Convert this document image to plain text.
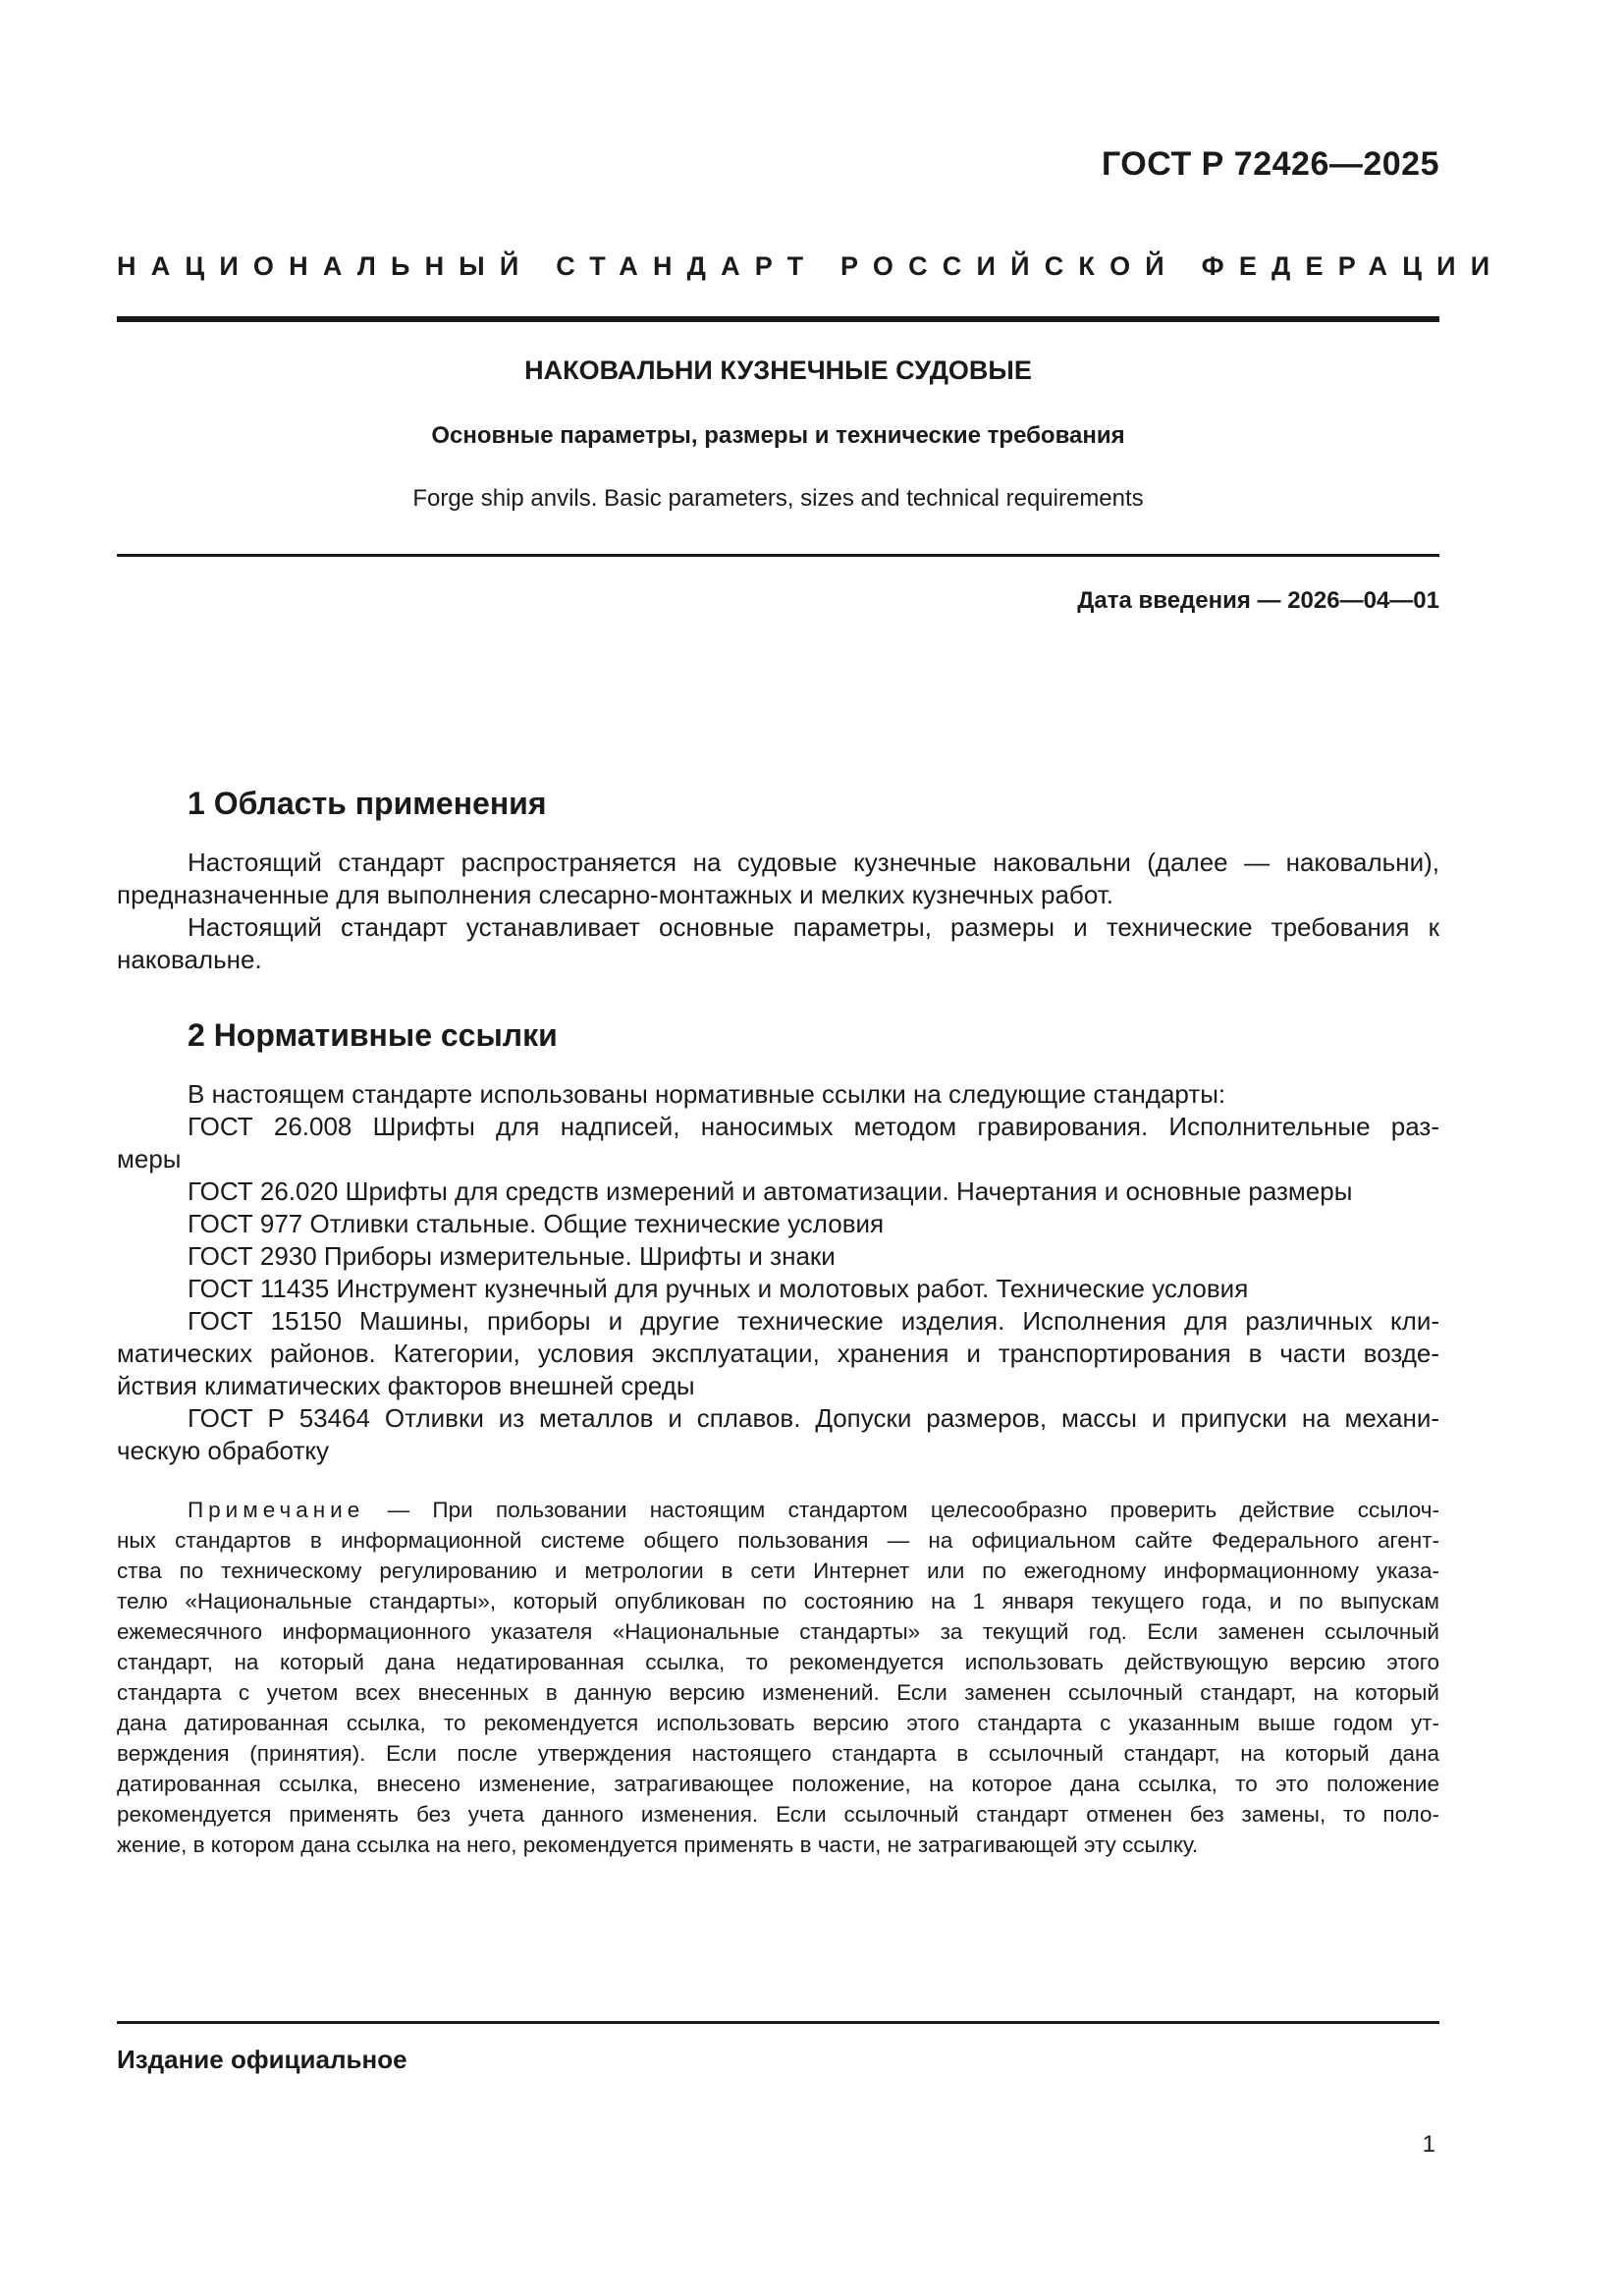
ГОСТ Р 72426—2025
НАЦИОНАЛЬНЫЙ СТАНДАРТ РОССИЙСКОЙ ФЕДЕРАЦИИ
НАКОВАЛЬНИ КУЗНЕЧНЫЕ СУДОВЫЕ
Основные параметры, размеры и технические требования
Forge ship anvils. Basic parameters, sizes and technical requirements
Дата введения — 2026—04—01
1 Область применения
Настоящий стандарт распространяется на судовые кузнечные наковальни (далее — наковальни),
предназначенные для выполнения слесарно-монтажных и мелких кузнечных работ.
Настоящий стандарт устанавливает основные параметры, размеры и технические требования к
наковальне.
2 Нормативные ссылки
В настоящем стандарте использованы нормативные ссылки на следующие стандарты:
ГОСТ 26.008 Шрифты для надписей, наносимых методом гравирования. Исполнительные раз-
меры
ГОСТ 26.020 Шрифты для средств измерений и автоматизации. Начертания и основные размеры
ГОСТ 977 Отливки стальные. Общие технические условия
ГОСТ 2930 Приборы измерительные. Шрифты и знаки
ГОСТ 11435 Инструмент кузнечный для ручных и молотовых работ. Технические условия
ГОСТ 15150 Машины, приборы и другие технические изделия. Исполнения для различных кли-
матических районов. Категории, условия эксплуатации, хранения и транспортирования в части возде-
йствия климатических факторов внешней среды
ГОСТ Р 53464 Отливки из металлов и сплавов. Допуски размеров, массы и припуски на механи-
ческую обработку
Примечание — При пользовании настоящим стандартом целесообразно проверить действие ссылоч-
ных стандартов в информационной системе общего пользования — на официальном сайте Федерального агент-
ства по техническому регулированию и метрологии в сети Интернет или по ежегодному информационному указа-
телю «Национальные стандарты», который опубликован по состоянию на 1 января текущего года, и по выпускам
ежемесячного информационного указателя «Национальные стандарты» за текущий год. Если заменен ссылочный
стандарт, на который дана недатированная ссылка, то рекомендуется использовать действующую версию этого
стандарта с учетом всех внесенных в данную версию изменений. Если заменен ссылочный стандарт, на который
дана датированная ссылка, то рекомендуется использовать версию этого стандарта с указанным выше годом ут-
верждения (принятия). Если после утверждения настоящего стандарта в ссылочный стандарт, на который дана
датированная ссылка, внесено изменение, затрагивающее положение, на которое дана ссылка, то это положение
рекомендуется применять без учета данного изменения. Если ссылочный стандарт отменен без замены, то поло-
жение, в котором дана ссылка на него, рекомендуется применять в части, не затрагивающей эту ссылку.
Издание официальное
1
